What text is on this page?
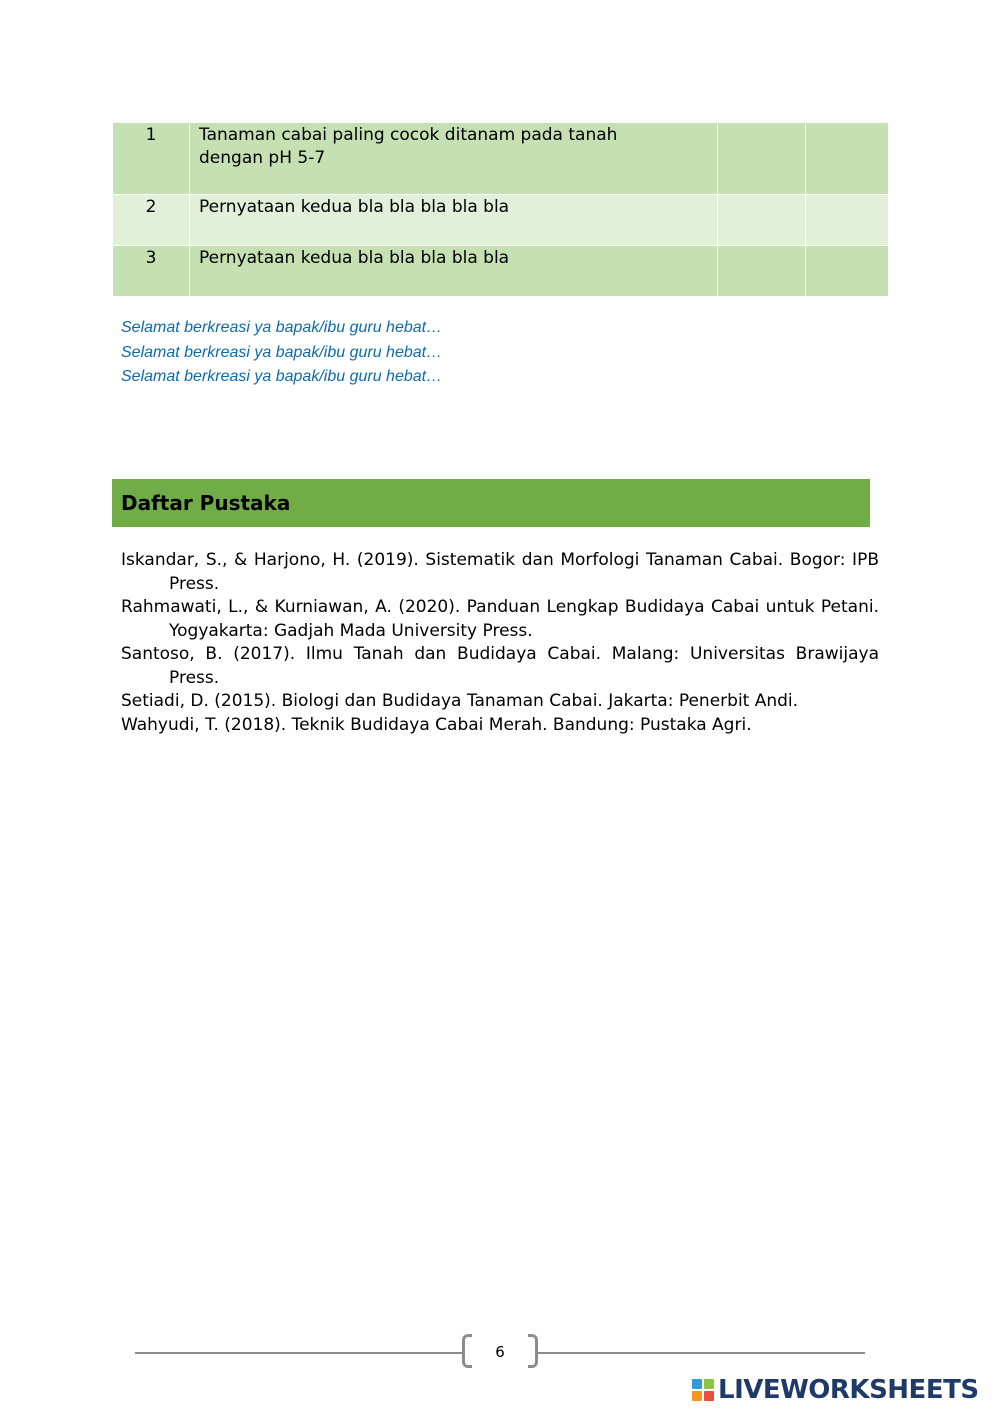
1	Tanaman cabai paling cocok ditanam pada tanah
dengan pH 5-7		

2	Pernyataan kedua bla bla bla bla bla		

3	Pernyataan kedua bla bla bla bla bla		

Selamat berkreasi ya bapak/ibu guru hebat…
Selamat berkreasi ya bapak/ibu guru hebat…
Selamat berkreasi ya bapak/ibu guru hebat…
Daftar Pustaka
Iskandar, S., & Harjono, H. (2019). Sistematik dan Morfologi Tanaman Cabai. Bogor: IPB Press.
Rahmawati, L., & Kurniawan, A. (2020). Panduan Lengkap Budidaya Cabai untuk Petani. Yogyakarta: Gadjah Mada University Press.
Santoso, B. (2017). Ilmu Tanah dan Budidaya Cabai. Malang: Universitas Brawijaya Press.
Setiadi, D. (2015). Biologi dan Budidaya Tanaman Cabai. Jakarta: Penerbit Andi.
Wahyudi, T. (2018). Teknik Budidaya Cabai Merah. Bandung: Pustaka Agri.
6
LIVEWORKSHEETS
